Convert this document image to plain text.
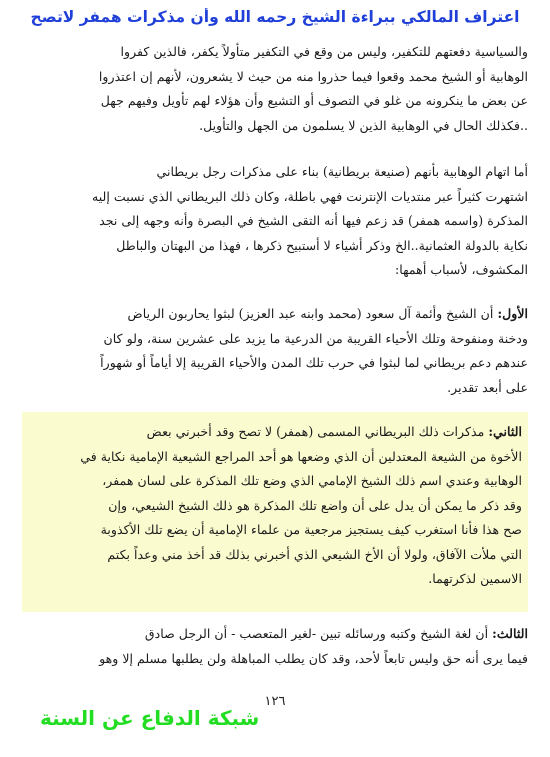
اعتراف المالكي ببراءة الشيخ رحمه الله وأن مذكرات همفر لاتصح
والسياسية دفعتهم للتكفير، وليس من وقع في التكفير متأولاً يكفر، فالذين كفروا
الوهابية أو الشيخ محمد وقعوا فيما حذروا منه من حيث لا يشعرون، لأنهم إن اعتذروا
عن بعض ما ينكرونه من غلو في التصوف أو التشيع وأن هؤلاء لهم تأويل وفيهم جهل
..فكذلك الحال في الوهابية الذين لا يسلمون من الجهل والتأويل.
أما اتهام الوهابية بأنهم (صنيعة بريطانية) بناء على مذكرات رجل بريطاني
اشتهرت كثيراً عبر منتديات الإنترنت فهي باطلة، وكان ذلك البريطاني الذي نسبت إليه
المذكرة (واسمه همفر) قد زعم فيها أنه التقى الشيخ في البصرة وأنه وجهه إلى نجد
نكاية بالدولة العثمانية..الخ وذكر أشياء لا أستبيح ذكرها ، فهذا من البهتان والباطل
المكشوف، لأسباب أهمها:
الأول: أن الشيخ وأئمة آل سعود (محمد وابنه عبد العزيز) لبثوا يحاربون الرياض
ودخنة ومنفوحة وتلك الأحياء القريبة من الدرعية ما يزيد على عشرين سنة، ولو كان
عندهم دعم بريطاني لما لبثوا في حرب تلك المدن والأحياء القريبة إلا أياماً أو شهوراً
على أبعد تقدير.
الثاني: مذكرات ذلك البريطاني المسمى (همفر) لا تصح وقد أخبرني بعض
الأخوة من الشيعة المعتدلين أن الذي وضعها هو أحد المراجع الشيعية الإمامية نكاية في
الوهابية وعندي اسم ذلك الشيخ الإمامي الذي وضع تلك المذكرة على لسان همفر،
وقد ذكر ما يمكن أن يدل على أن واضع تلك المذكرة هو ذلك الشيخ الشيعي، وإن
صح هذا فأنا استغرب كيف يستجيز مرجعية من علماء الإمامية أن يضع تلك الأكذوبة
التي ملأت الآفاق، ولولا أن الأخ الشيعي الذي أخبرني بذلك قد أخذ مني وعداً بكتم
الاسمين لذكرتهما.
الثالث: أن لغة الشيخ وكتبه ورسائله تبين -لغير المتعصب - أن الرجل صادق
فيما يرى أنه حق وليس تابعاً لأحد، وقد كان يطلب المباهلة ولن يطلبها مسلم إلا وهو
١٢٦
شبكة الدفاع عن السنة
